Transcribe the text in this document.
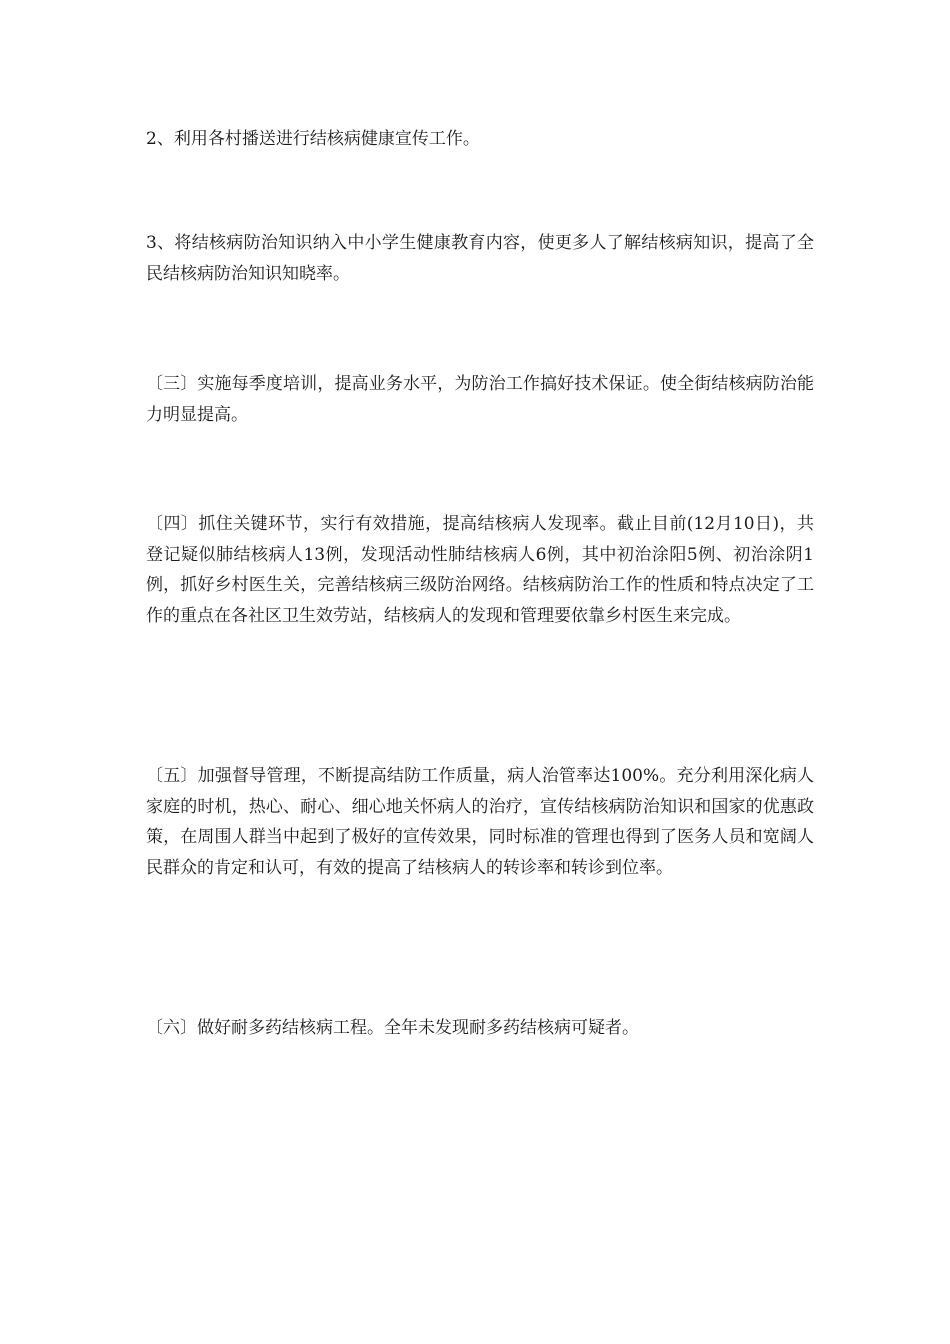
2、利用各村播送进行结核病健康宣传工作。

3、将结核病防治知识纳入中小学生健康教育内容，使更多人了解结核病知识，提高了全民结核病防治知识知晓率。

〔三〕实施每季度培训，提高业务水平，为防治工作搞好技术保证。使全街结核病防治能力明显提高。

〔四〕抓住关键环节，实行有效措施，提高结核病人发现率。截止目前(12月10日)，共登记疑似肺结核病人13例，发现活动性肺结核病人6例，其中初治涂阳5例、初治涂阴1例，抓好乡村医生关，完善结核病三级防治网络。结核病防治工作的性质和特点决定了工作的重点在各社区卫生效劳站，结核病人的发现和管理要依靠乡村医生来完成。

〔五〕加强督导管理，不断提高结防工作质量，病人治管率达100%。充分利用深化病人家庭的时机，热心、耐心、细心地关怀病人的治疗，宣传结核病防治知识和国家的优惠政策，在周围人群当中起到了极好的宣传效果，同时标准的管理也得到了医务人员和宽阔人民群众的肯定和认可，有效的提高了结核病人的转诊率和转诊到位率。

〔六〕做好耐多药结核病工程。全年未发现耐多药结核病可疑者。
